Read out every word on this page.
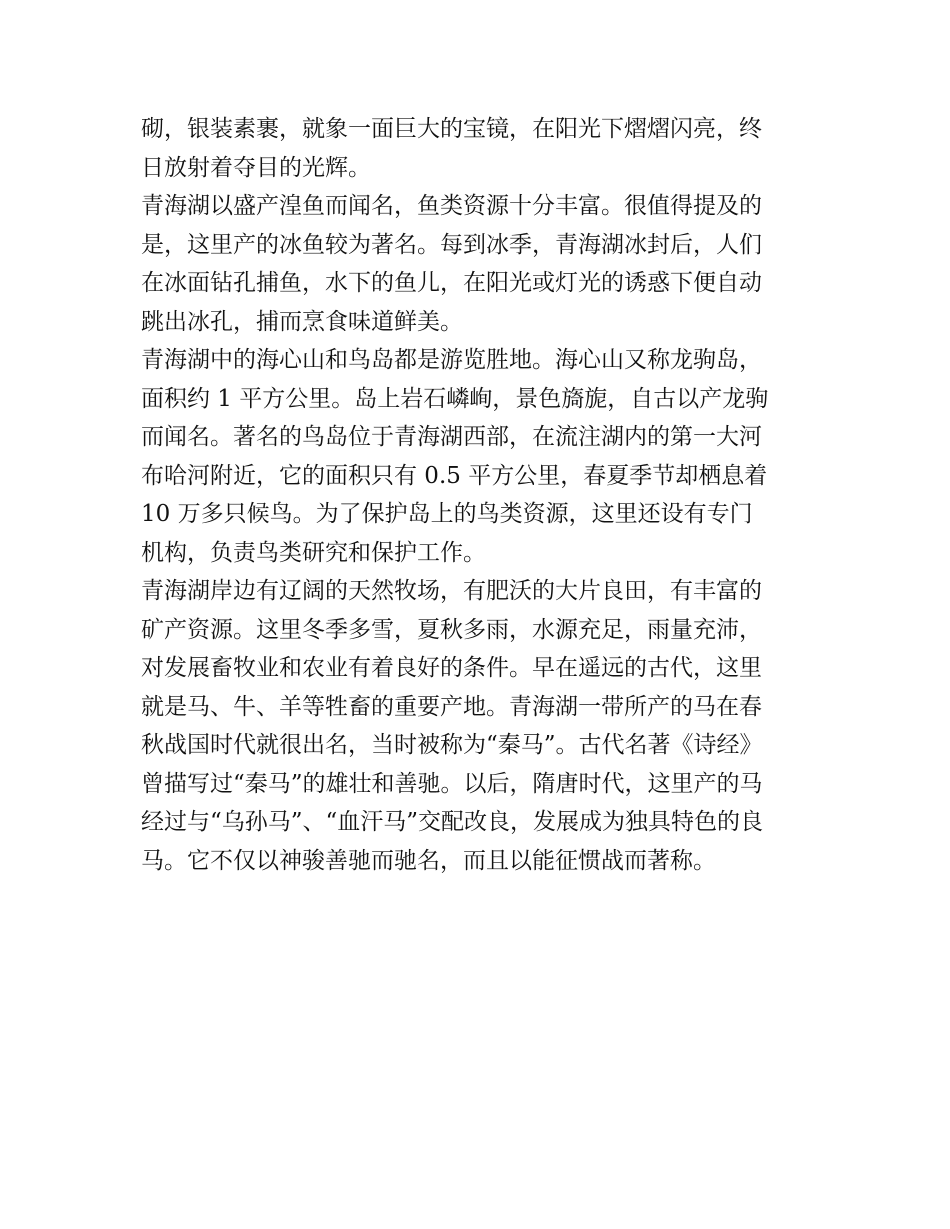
砌，银装素裹，就象一面巨大的宝镜，在阳光下熠熠闪亮，终
日放射着夺目的光辉。
青海湖以盛产湟鱼而闻名，鱼类资源十分丰富。很值得提及的
是，这里产的冰鱼较为著名。每到冰季，青海湖冰封后，人们
在冰面钻孔捕鱼，水下的鱼儿，在阳光或灯光的诱惑下便自动
跳出冰孔，捕而烹食味道鲜美。
青海湖中的海心山和鸟岛都是游览胜地。海心山又称龙驹岛，
面积约 1 平方公里。岛上岩石嶙峋，景色旖旎，自古以产龙驹
而闻名。著名的鸟岛位于青海湖西部，在流注湖内的第一大河
布哈河附近，它的面积只有 0.5 平方公里，春夏季节却栖息着
10 万多只候鸟。为了保护岛上的鸟类资源，这里还设有专门
机构，负责鸟类研究和保护工作。
青海湖岸边有辽阔的天然牧场，有肥沃的大片良田，有丰富的
矿产资源。这里冬季多雪，夏秋多雨，水源充足，雨量充沛，
对发展畜牧业和农业有着良好的条件。早在遥远的古代，这里
就是马、牛、羊等牲畜的重要产地。青海湖一带所产的马在春
秋战国时代就很出名，当时被称为“秦马”。古代名著《诗经》
曾描写过“秦马”的雄壮和善驰。以后，隋唐时代，这里产的马
经过与“乌孙马”、“血汗马”交配改良，发展成为独具特色的良
马。它不仅以神骏善驰而驰名，而且以能征惯战而著称。
